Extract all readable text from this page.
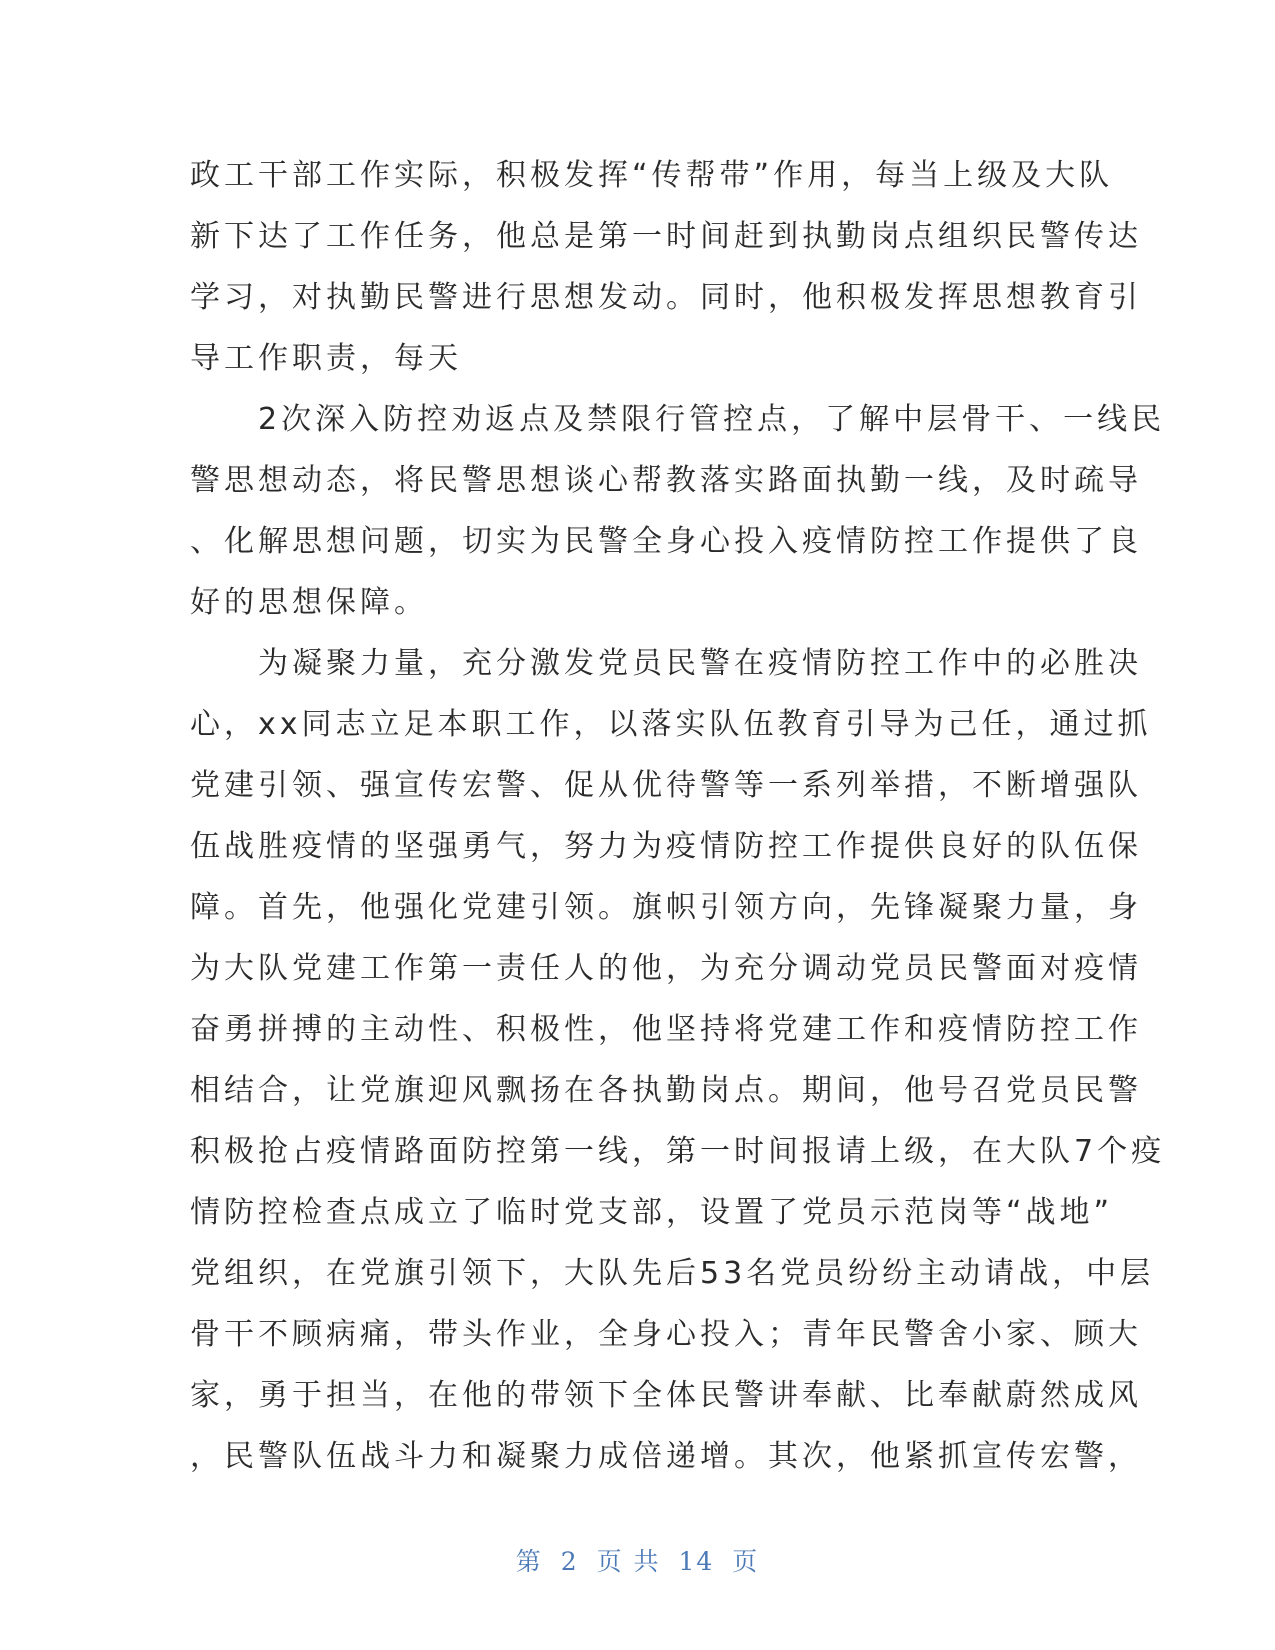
政工干部工作实际，积极发挥“传帮带”作用，每当上级及大队
新下达了工作任务，他总是第一时间赶到执勤岗点组织民警传达
学习，对执勤民警进行思想发动。同时，他积极发挥思想教育引
导工作职责，每天
　　2次深入防控劝返点及禁限行管控点，了解中层骨干、一线民
警思想动态，将民警思想谈心帮教落实路面执勤一线，及时疏导
、化解思想问题，切实为民警全身心投入疫情防控工作提供了良
好的思想保障。
　　为凝聚力量，充分激发党员民警在疫情防控工作中的必胜决
心，xx同志立足本职工作，以落实队伍教育引导为己任，通过抓
党建引领、强宣传宏警、促从优待警等一系列举措，不断增强队
伍战胜疫情的坚强勇气，努力为疫情防控工作提供良好的队伍保
障。首先，他强化党建引领。旗帜引领方向，先锋凝聚力量，身
为大队党建工作第一责任人的他，为充分调动党员民警面对疫情
奋勇拼搏的主动性、积极性，他坚持将党建工作和疫情防控工作
相结合，让党旗迎风飘扬在各执勤岗点。期间，他号召党员民警
积极抢占疫情路面防控第一线，第一时间报请上级，在大队7个疫
情防控检查点成立了临时党支部，设置了党员示范岗等“战地”
党组织，在党旗引领下，大队先后53名党员纷纷主动请战，中层
骨干不顾病痛，带头作业，全身心投入；青年民警舍小家、顾大
家，勇于担当，在他的带领下全体民警讲奉献、比奉献蔚然成风
，民警队伍战斗力和凝聚力成倍递增。其次，他紧抓宣传宏警，
第 2 页 共 14 页
